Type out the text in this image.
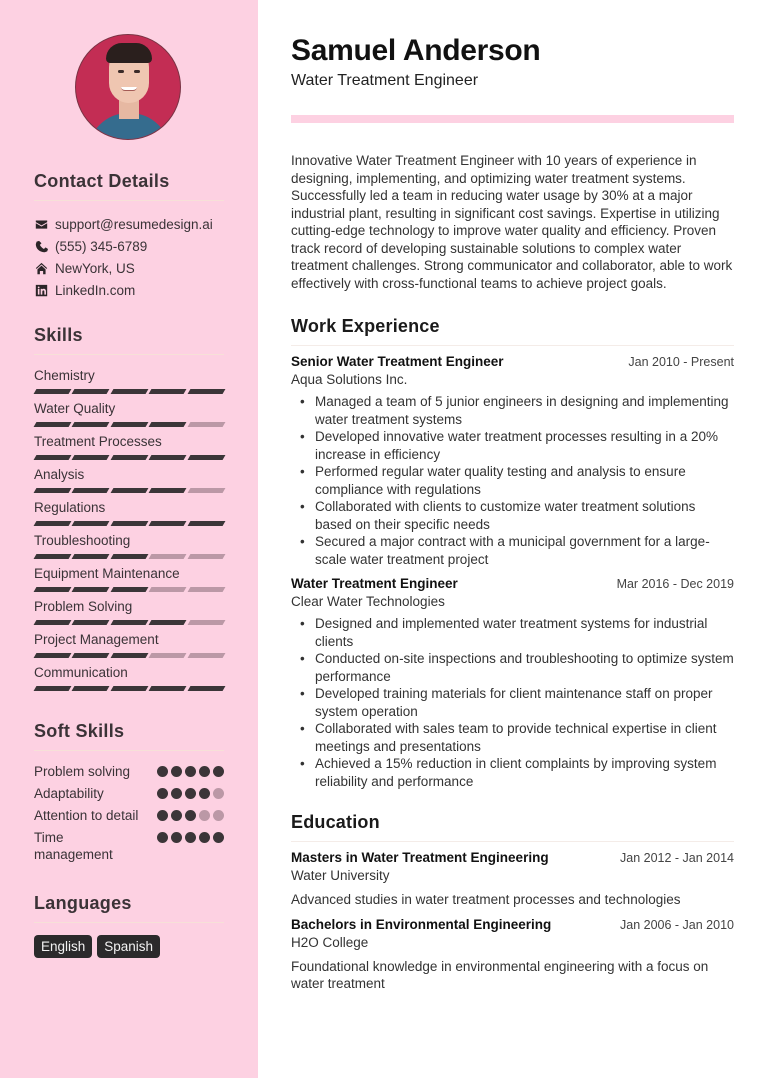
Contact Details
support@resumedesign.ai
(555) 345-6789
NewYork, US
LinkedIn.com
Skills
Chemistry
Water Quality
Treatment Processes
Analysis
Regulations
Troubleshooting
Equipment Maintenance
Problem Solving
Project Management
Communication
Soft Skills
Problem solving
Adaptability
Attention to detail
Time management
Languages
English	Spanish
Samuel Anderson
Water Treatment Engineer
Innovative Water Treatment Engineer with 10 years of experience in designing, implementing, and optimizing water treatment systems. Successfully led a team in reducing water usage by 30% at a major industrial plant, resulting in significant cost savings. Expertise in utilizing cutting-edge technology to improve water quality and efficiency. Proven track record of developing sustainable solutions to complex water treatment challenges. Strong communicator and collaborator, able to work effectively with cross-functional teams to achieve project goals.
Work Experience
Senior Water Treatment Engineer	Jan 2010 - Present
Aqua Solutions Inc.
• Managed a team of 5 junior engineers in designing and implementing water treatment systems
• Developed innovative water treatment processes resulting in a 20% increase in efficiency
• Performed regular water quality testing and analysis to ensure compliance with regulations
• Collaborated with clients to customize water treatment solutions based on their specific needs
• Secured a major contract with a municipal government for a large-scale water treatment project
Water Treatment Engineer	Mar 2016 - Dec 2019
Clear Water Technologies
• Designed and implemented water treatment systems for industrial clients
• Conducted on-site inspections and troubleshooting to optimize system performance
• Developed training materials for client maintenance staff on proper system operation
• Collaborated with sales team to provide technical expertise in client meetings and presentations
• Achieved a 15% reduction in client complaints by improving system reliability and performance
Education
Masters in Water Treatment Engineering	Jan 2012 - Jan 2014
Water University
Advanced studies in water treatment processes and technologies
Bachelors in Environmental Engineering	Jan 2006 - Jan 2010
H2O College
Foundational knowledge in environmental engineering with a focus on water treatment
